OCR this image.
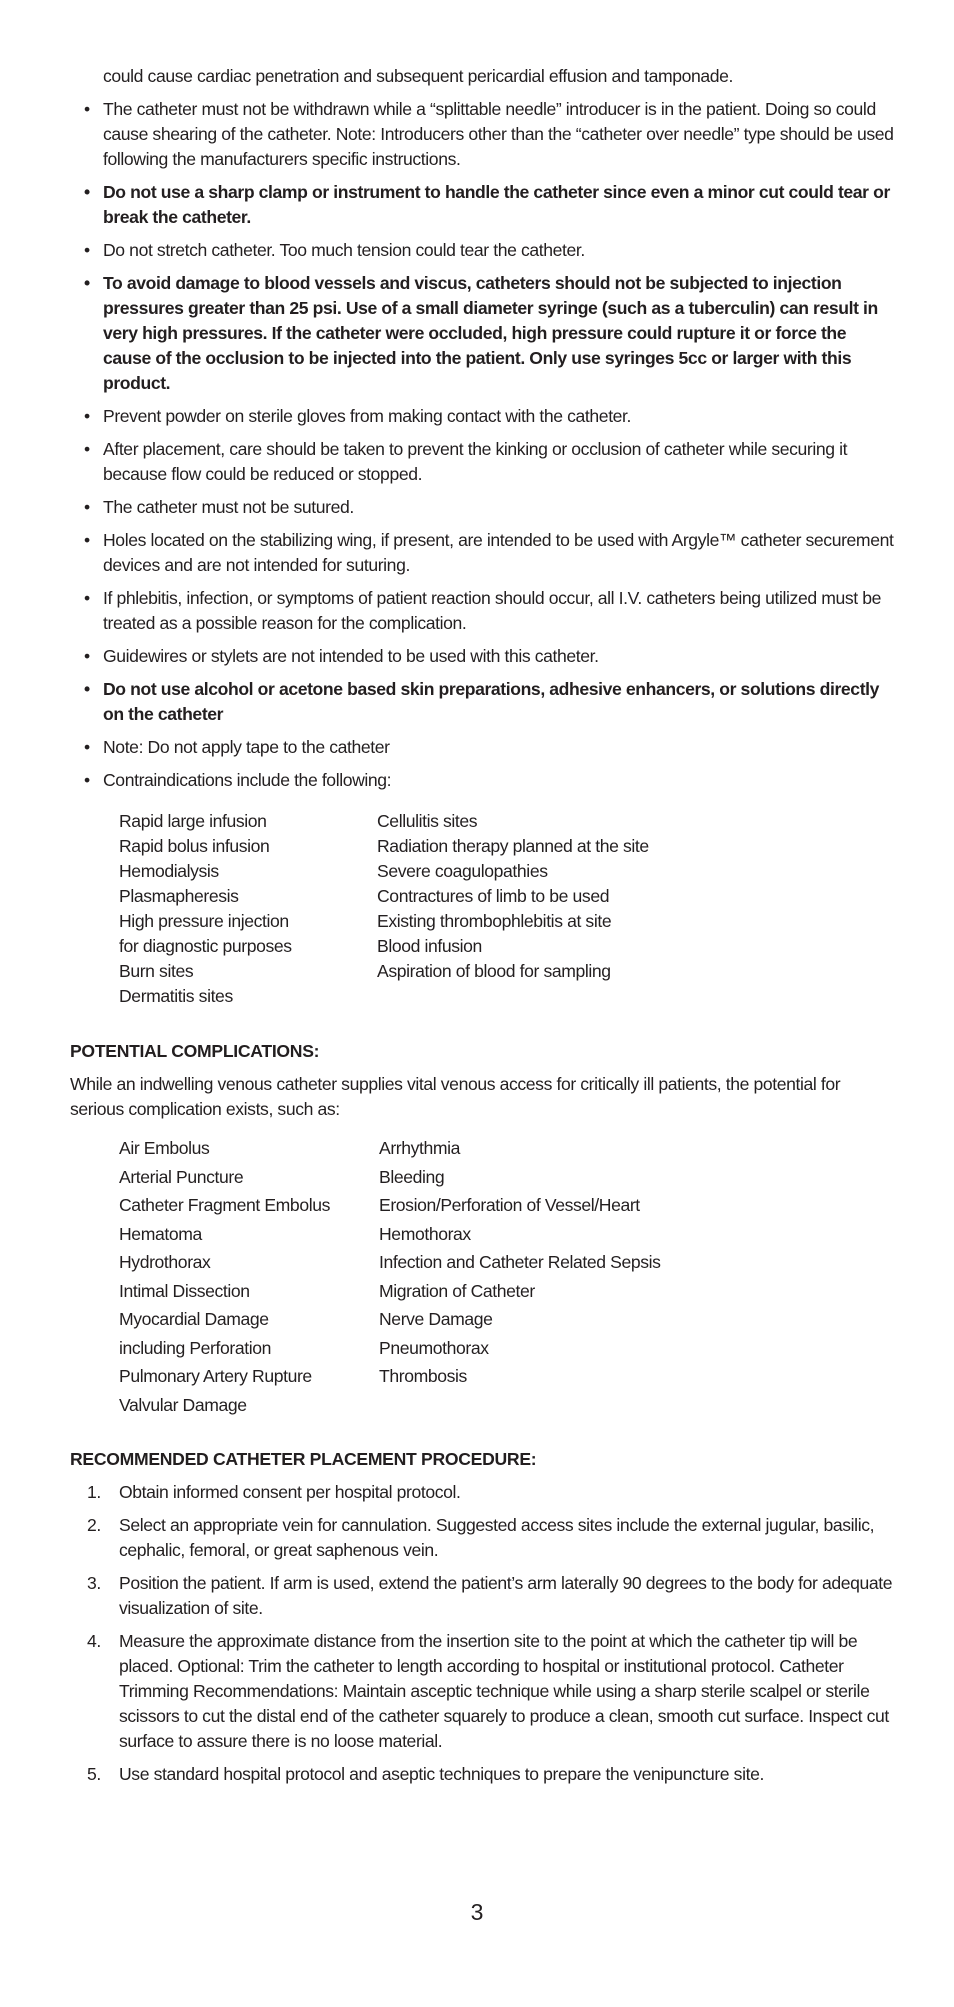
could cause cardiac penetration and subsequent pericardial effusion and tamponade.
• The catheter must not be withdrawn while a “splittable needle” introducer is in the patient. Doing so could cause shearing of the catheter. Note: Introducers other than the “catheter over needle” type should be used following the manufacturers specific instructions.
• Do not use a sharp clamp or instrument to handle the catheter since even a minor cut could tear or break the catheter.
• Do not stretch catheter. Too much tension could tear the catheter.
• To avoid damage to blood vessels and viscus, catheters should not be subjected to injection pressures greater than 25 psi. Use of a small diameter syringe (such as a tuberculin) can result in very high pressures. If the catheter were occluded, high pressure could rupture it or force the cause of the occlusion to be injected into the patient. Only use syringes 5cc or larger with this product.
• Prevent powder on sterile gloves from making contact with the catheter.
• After placement, care should be taken to prevent the kinking or occlusion of catheter while securing it because flow could be reduced or stopped.
• The catheter must not be sutured.
• Holes located on the stabilizing wing, if present, are intended to be used with Argyle™ catheter securement devices and are not intended for suturing.
• If phlebitis, infection, or symptoms of patient reaction should occur, all I.V. catheters being utilized must be treated as a possible reason for the complication.
• Guidewires or stylets are not intended to be used with this catheter.
• Do not use alcohol or acetone based skin preparations, adhesive enhancers, or solutions directly on the catheter
• Note: Do not apply tape to the catheter
• Contraindications include the following:
Rapid large infusion
Rapid bolus infusion
Hemodialysis
Plasmapheresis
High pressure injection
for diagnostic purposes
Burn sites
Dermatitis sites
Cellulitis sites
Radiation therapy planned at the site
Severe coagulopathies
Contractures of limb to be used
Existing thrombophlebitis at site
Blood infusion
Aspiration of blood for sampling
POTENTIAL COMPLICATIONS:
While an indwelling venous catheter supplies vital venous access for critically ill patients, the potential for serious complication exists, such as:
Air Embolus
Arterial Puncture
Catheter Fragment Embolus
Hematoma
Hydrothorax
Intimal Dissection
Myocardial Damage
including Perforation
Pulmonary Artery Rupture
Valvular Damage
Arrhythmia
Bleeding
Erosion/Perforation of Vessel/Heart
Hemothorax
Infection and Catheter Related Sepsis
Migration of Catheter
Nerve Damage
Pneumothorax
Thrombosis
RECOMMENDED CATHETER PLACEMENT PROCEDURE:
1. Obtain informed consent per hospital protocol.
2. Select an appropriate vein for cannulation. Suggested access sites include the external jugular, basilic, cephalic, femoral, or great saphenous vein.
3. Position the patient. If arm is used, extend the patient’s arm laterally 90 degrees to the body for adequate visualization of site.
4. Measure the approximate distance from the insertion site to the point at which the catheter tip will be placed. Optional: Trim the catheter to length according to hospital or institutional protocol. Catheter Trimming Recommendations: Maintain asceptic technique while using a sharp sterile scalpel or sterile scissors to cut the distal end of the catheter squarely to produce a clean, smooth cut surface. Inspect cut surface to assure there is no loose material.
5. Use standard hospital protocol and aseptic techniques to prepare the venipuncture site.
3
